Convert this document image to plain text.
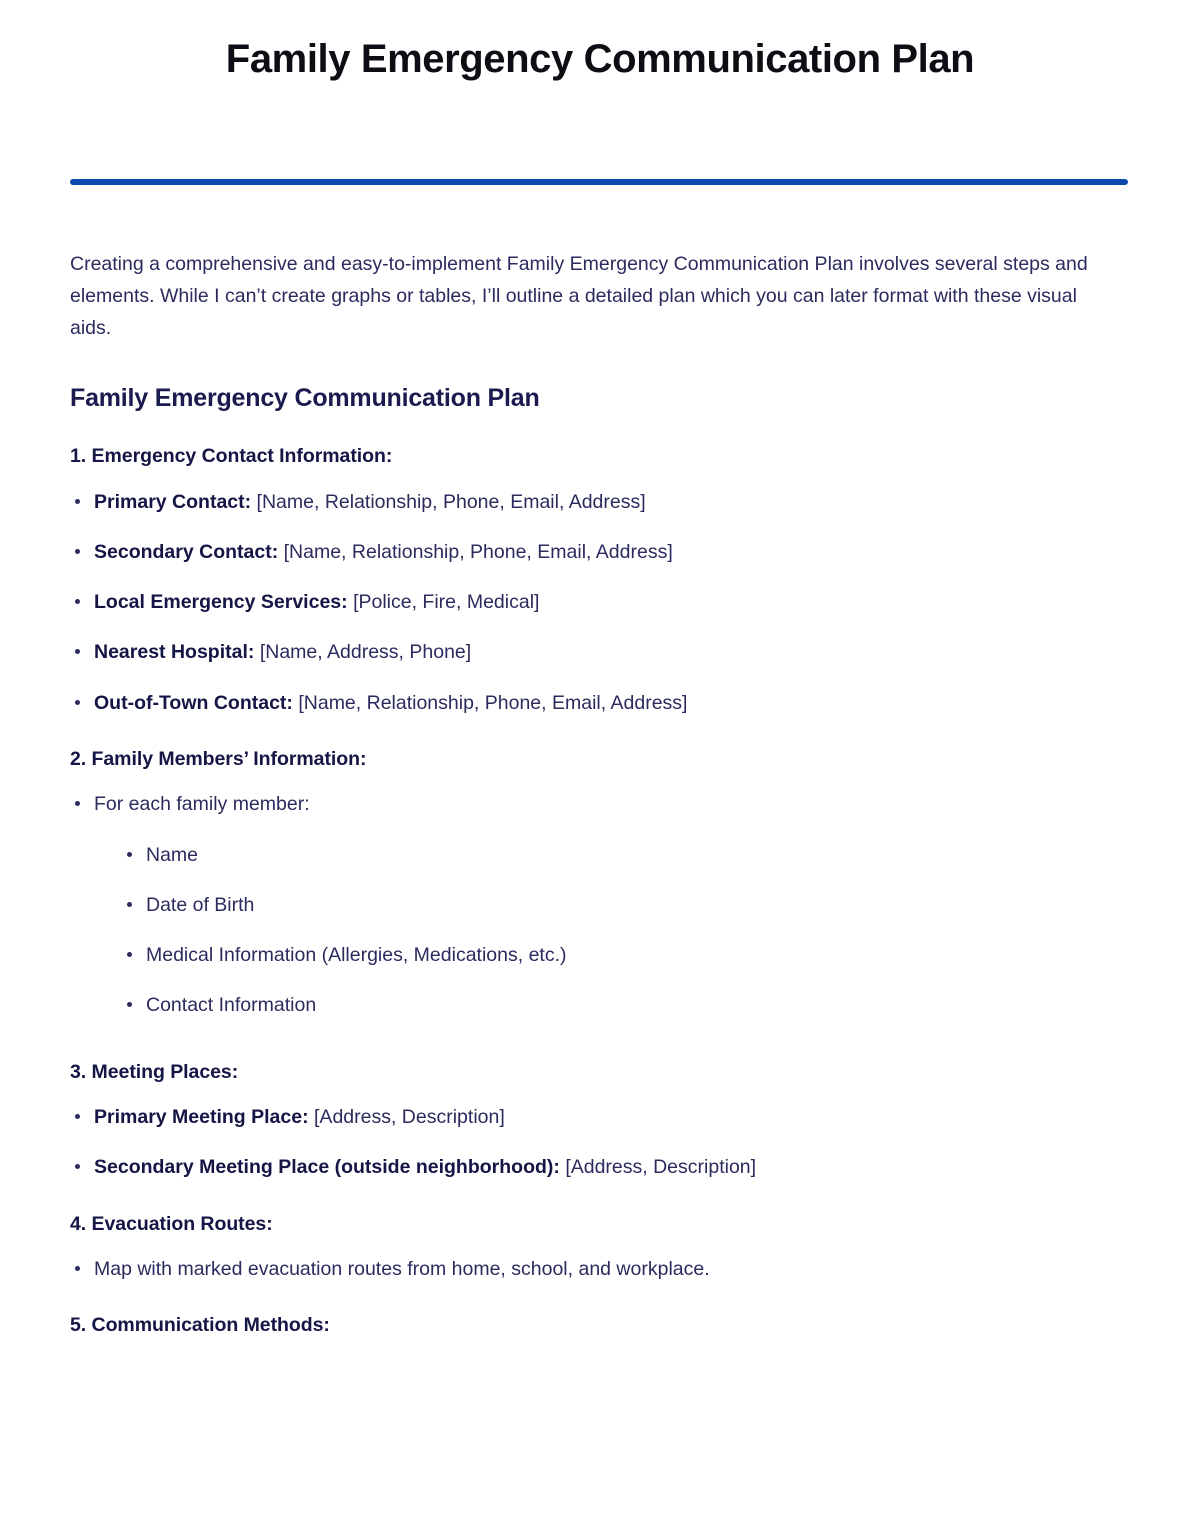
Family Emergency Communication Plan

Creating a comprehensive and easy-to-implement Family Emergency Communication Plan involves several steps and elements. While I can’t create graphs or tables, I’ll outline a detailed plan which you can later format with these visual aids.

Family Emergency Communication Plan
1. Emergency Contact Information:
Primary Contact: [Name, Relationship, Phone, Email, Address]
Secondary Contact: [Name, Relationship, Phone, Email, Address]
Local Emergency Services: [Police, Fire, Medical]
Nearest Hospital: [Name, Address, Phone]
Out-of-Town Contact: [Name, Relationship, Phone, Email, Address]
2. Family Members’ Information:
For each family member:
Name
Date of Birth
Medical Information (Allergies, Medications, etc.)
Contact Information
3. Meeting Places:
Primary Meeting Place: [Address, Description]
Secondary Meeting Place (outside neighborhood): [Address, Description]
4. Evacuation Routes:
Map with marked evacuation routes from home, school, and workplace.
5. Communication Methods:
